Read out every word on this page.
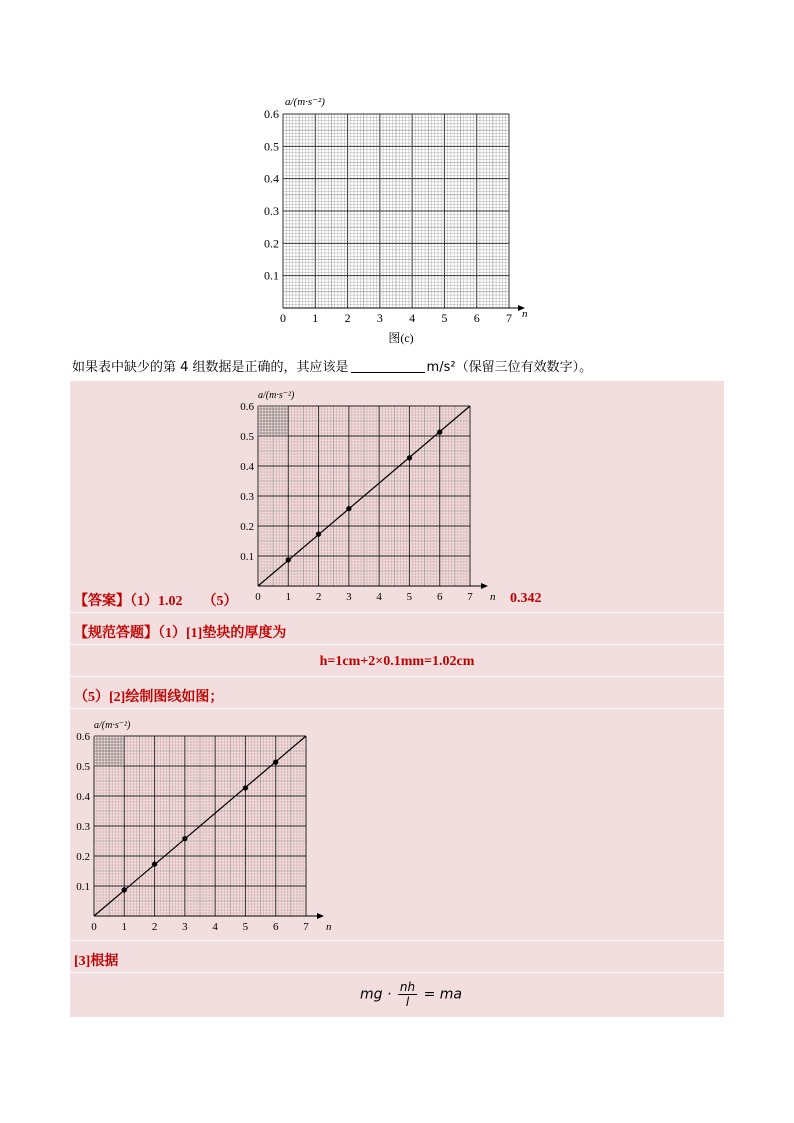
a/(m·s⁻²)
n
0.6
0.5
0.4
0.3
0.2
0.1
0 1 2 3 4 5 6 7
图(c)
如果表中缺少的第 4 组数据是正确的，其应该是	m/s²（保留三位有效数字）。
a/(m·s⁻²)
n
0 1 2 3 4 5 6 7
0.1
0.2
0.3
0.4
0.5
0.6
【答案】（1）1.02 （5）	0.342
【规范答题】（1）[1]垫块的厚度为
h=1cm+2×0.1mm=1.02cm
（5）[2]绘制图线如图；
a/(m·s⁻²)
n
0 1 2 3 4 5 6 7
0.1
0.2
0.3
0.4
0.5
0.6
[3]根据
mg · $\frac{nh}{l}$ = ma
